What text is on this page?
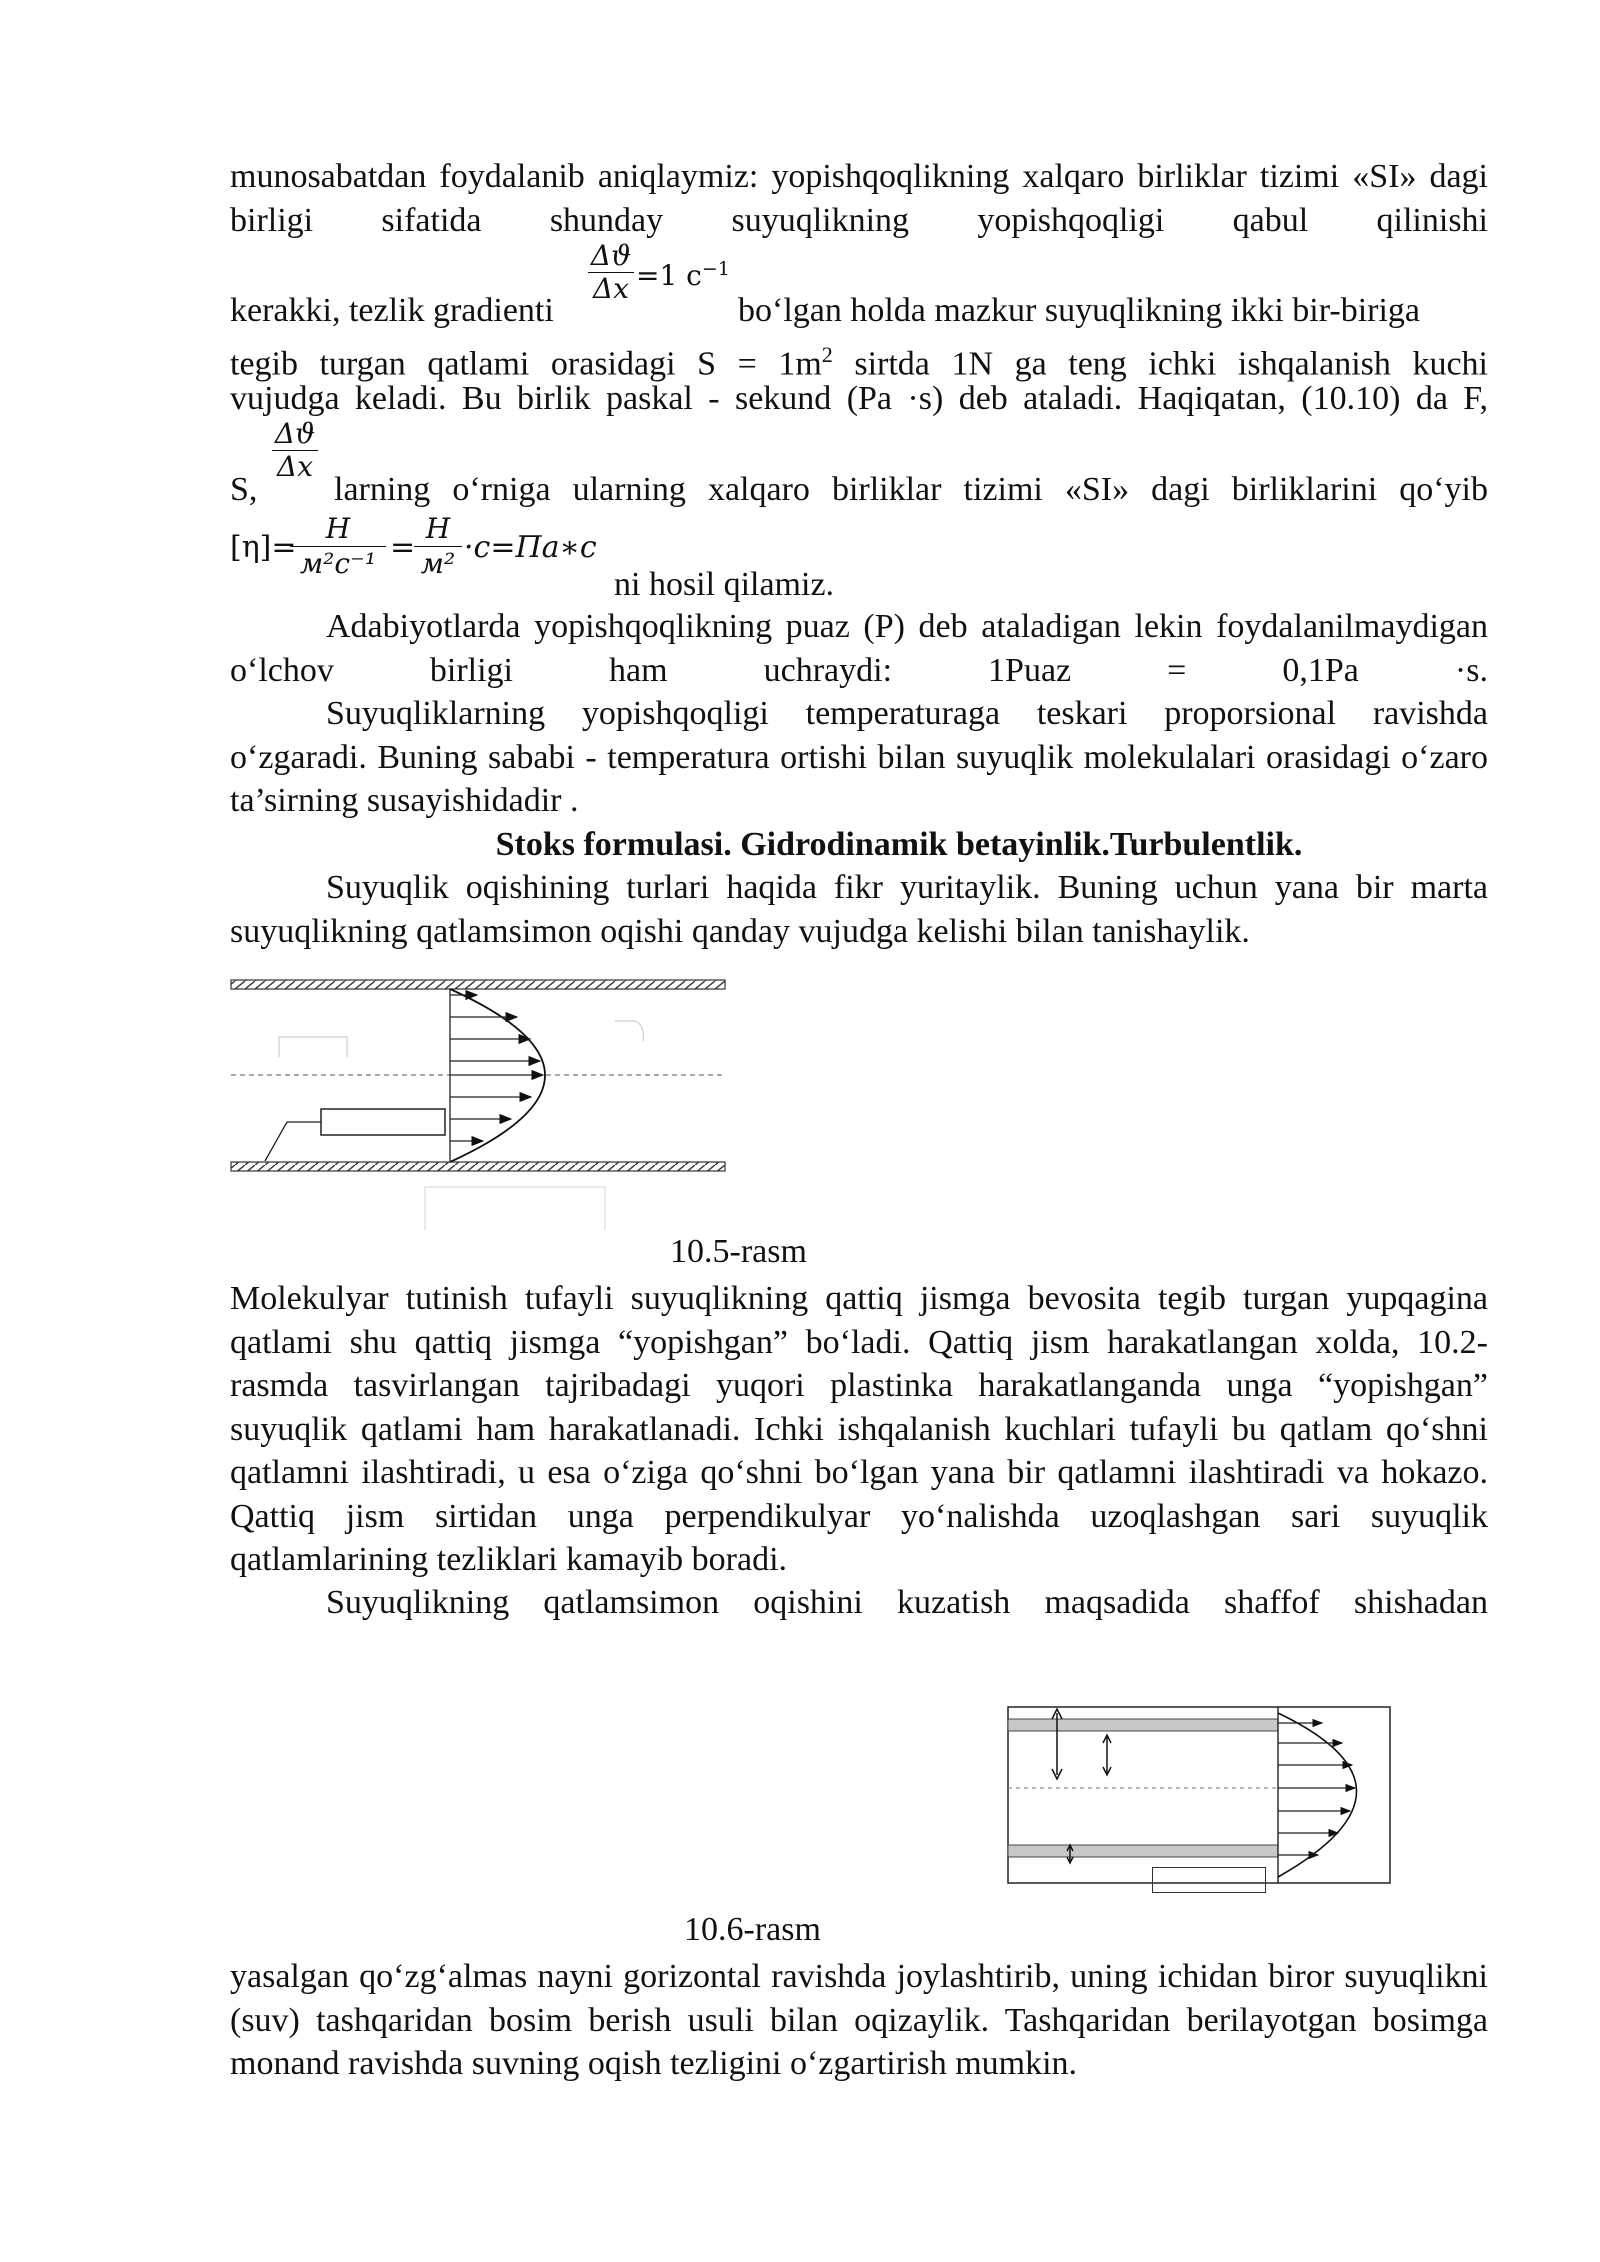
munosabatdan foydalanib aniqlaymiz: yopishqoqlikning xalqaro birliklar tizimi «SI» dagi birligi sifatida shunday suyuqlikning yopishqoqligi qabul qilinishi

Δϑ
Δx =1 $c^{-1}$
kerakki, tezlik gradienti	bo‘lgan holda mazkur suyuqlikning ikki bir-biriga
tegib turgan qatlami orasidagi $S = 1m^2$ sirtda 1N ga teng ichki ishqalanish kuchi
vujudga keladi. Bu birlik paskal - sekund (Pa ·s) deb ataladi. Haqiqatan, (10.10) da F,
Δϑ
Δx
S, larning o‘rniga ularning xalqaro birliklar tizimi «SI» dagi birliklarini qo‘yib
[η]=
H
м²c⁻¹ =
H
м² ·c=Пa∗c
ni hosil qilamiz.

Adabiyotlarda yopishqoqlikning puaz (P) deb ataladigan lekin foydalanilmaydigan o‘lchov birligi ham uchraydi: 1Puaz = 0,1Pa ·s.

Suyuqliklarning yopishqoqligi temperaturaga teskari proporsional ravishda o‘zgaradi. Buning sababi - temperatura ortishi bilan suyuqlik molekulalari orasidagi o‘zaro ta’sirning susayishidadir .

Stoks formulasi. Gidrodinamik betayinlik.Turbulentlik.

Suyuqlik oqishining turlari haqida fikr yuritaylik. Buning uchun yana bir marta suyuqlikning qatlamsimon oqishi qanday vujudga kelishi bilan tanishaylik.

10.5-rasm

Molekulyar tutinish tufayli suyuqlikning qattiq jismga bevosita tegib turgan yupqagina qatlami shu qattiq jismga “yopishgan” bo‘ladi. Qattiq jism harakatlangan xolda, 10.2- rasmda tasvirlangan tajribadagi yuqori plastinka harakatlanganda unga “yopishgan” suyuqlik qatlami ham harakatlanadi. Ichki ishqalanish kuchlari tufayli bu qatlam qo‘shni qatlamni ilashtiradi, u esa o‘ziga qo‘shni bo‘lgan yana bir qatlamni ilashtiradi va hokazo. Qattiq jism sirtidan unga perpendikulyar yo‘nalishda uzoqlashgan sari suyuqlik qatlamlarining tezliklari kamayib boradi.

Suyuqlikning qatlamsimon oqishini kuzatish maqsadida shaffof shishadan

10.6-rasm

yasalgan qo‘zg‘almas nayni gorizontal ravishda joylashtirib, uning ichidan biror suyuqlikni (suv) tashqaridan bosim berish usuli bilan oqizaylik. Tashqaridan berilayotgan bosimga monand ravishda suvning oqish tezligini o‘zgartirish mumkin.
